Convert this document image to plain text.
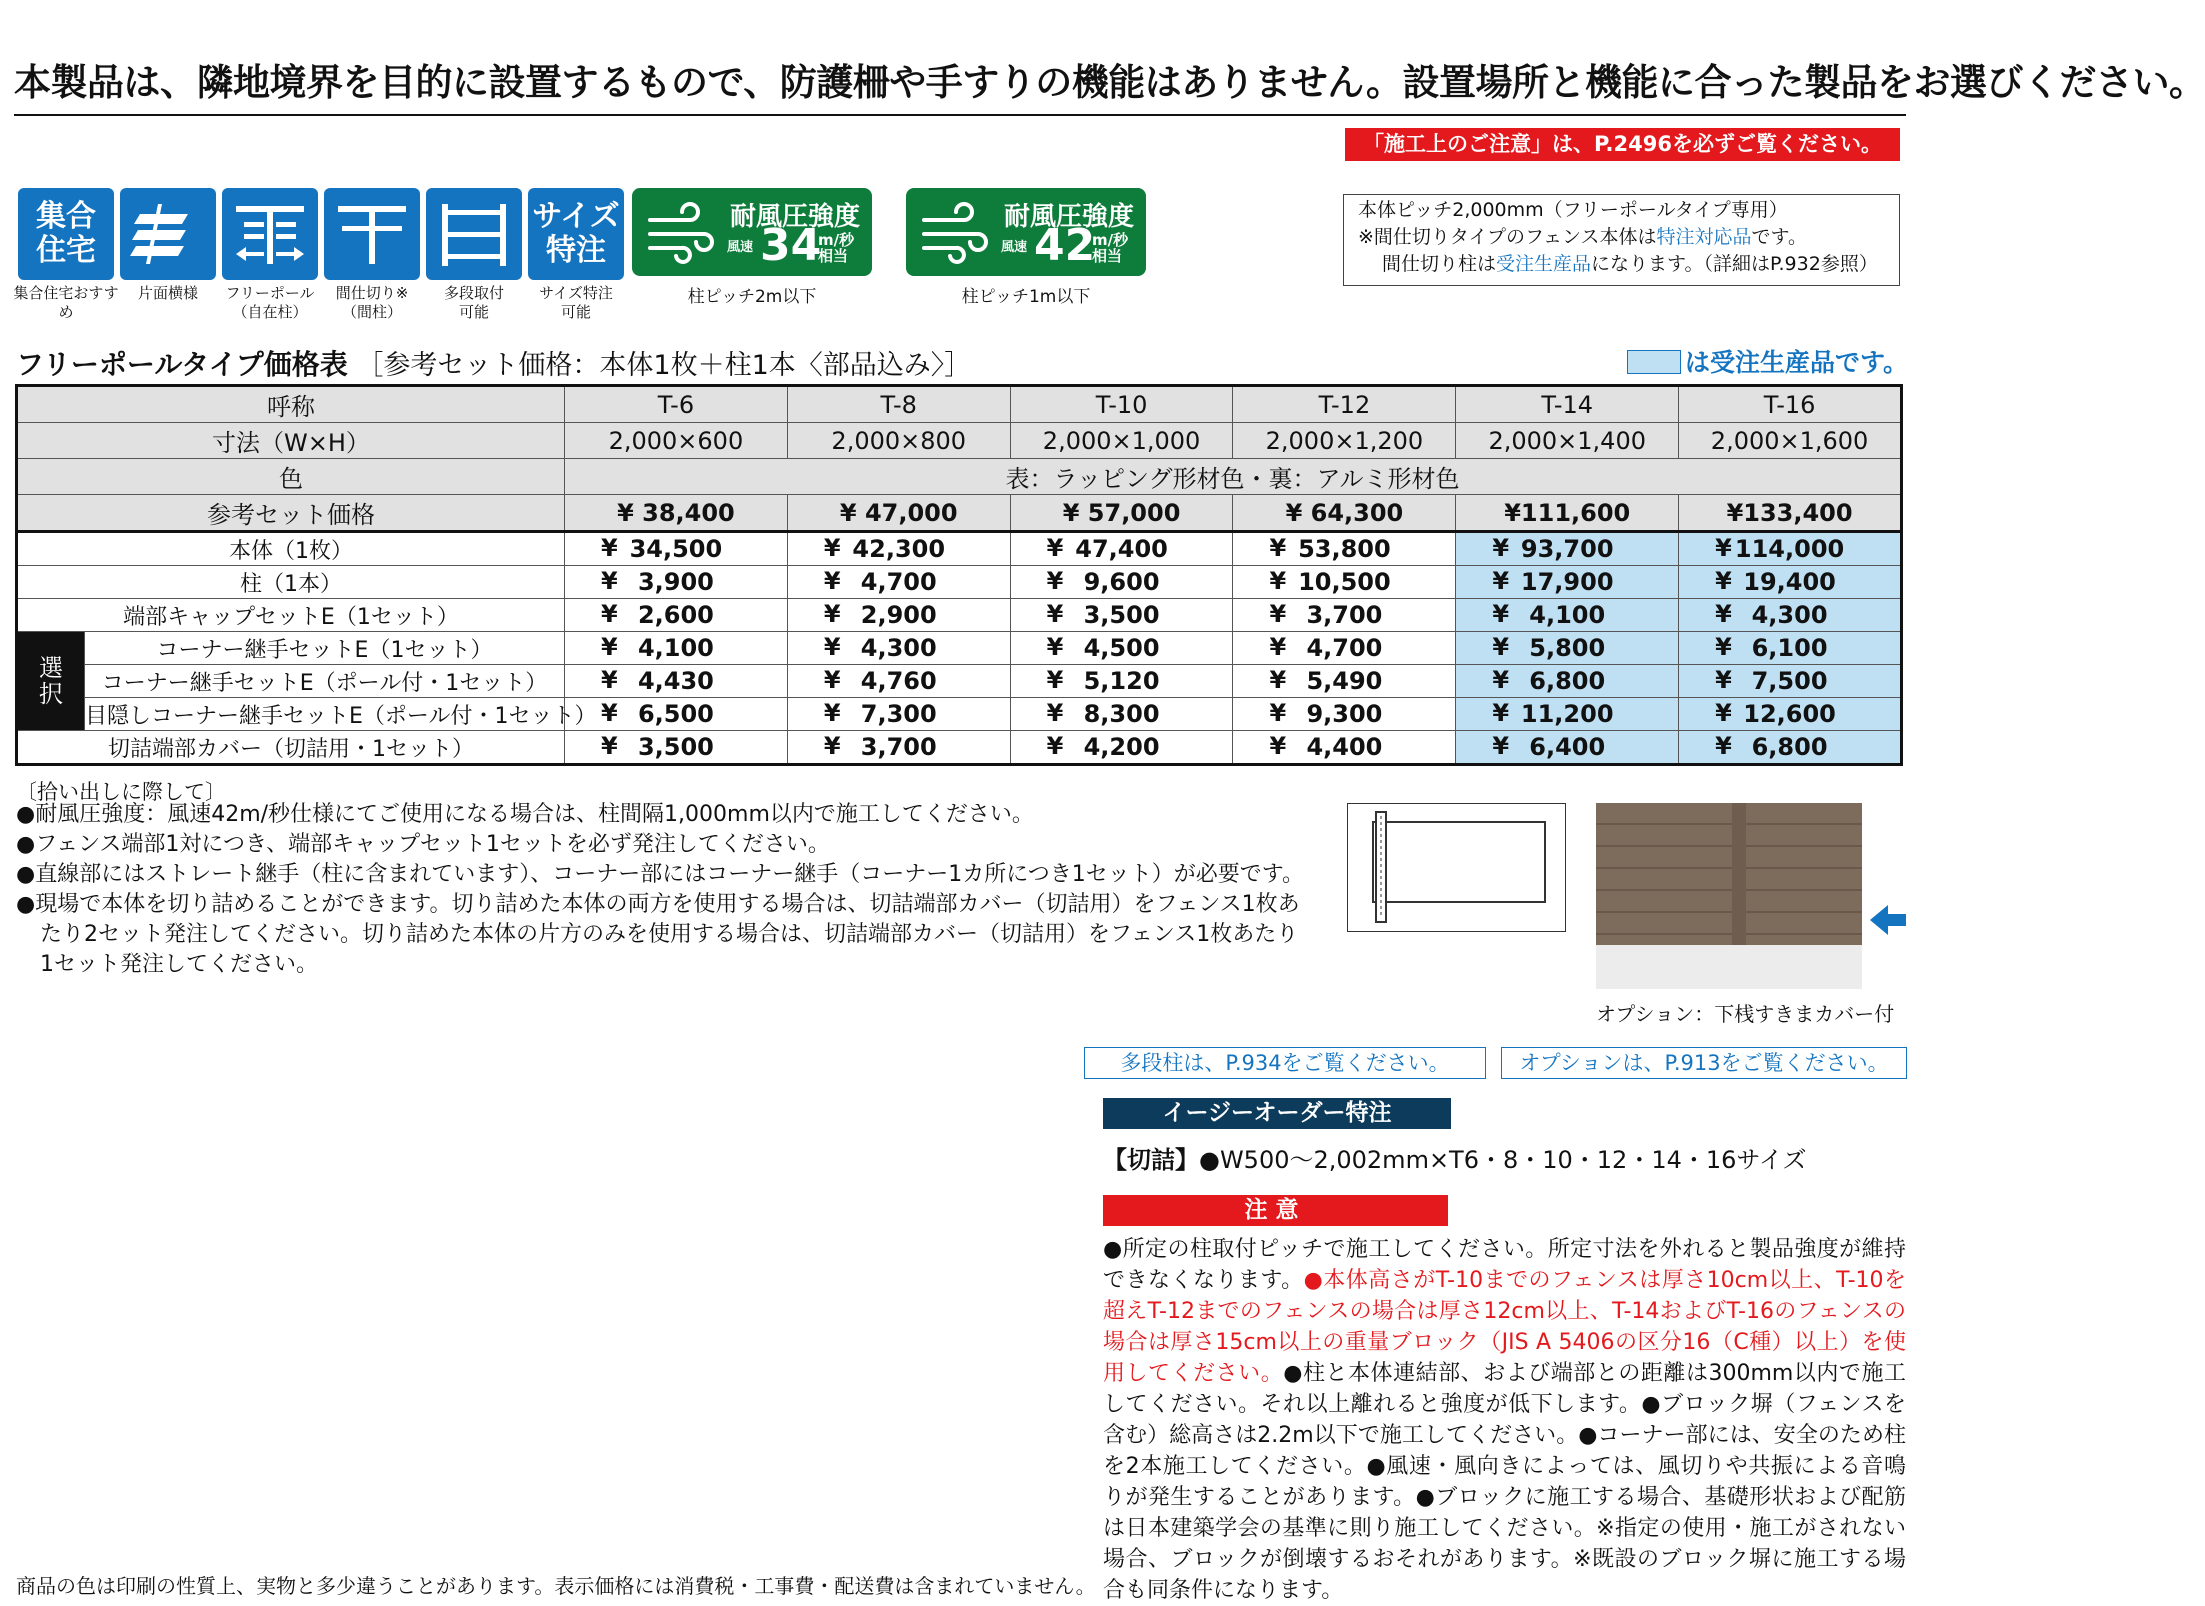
本製品は、隣地境界を目的に設置するもので、防護柵や手すりの機能はありません。設置場所と機能に合った製品をお選びください。
「施工上のご注意」は、P.2496を必ずご覧ください。
集合
住宅
集合住宅おすすめ
片面横様	フリーポール
（自在柱）
間仕切り※
（間柱）
多段取付
可能
サイズ
特注
サイズ特注
可能
耐風圧強度
風速 34
m/秒
相当
柱ピッチ2m以下
耐風圧強度
風速 42
m/秒
相当
柱ピッチ1m以下
本体ピッチ2,000mm（フリーポールタイプ専用）
※間仕切りタイプのフェンス本体は特注対応品です。
間仕切り柱は受注生産品になります。（詳細はP.932参照）
フリーポールタイプ価格表 ［参考セット価格：本体1枚＋柱1本〈部品込み〉］	は受注生産品です。
呼称		T-6	T-8	T-10	T-12	T-14	T-16
寸法（W×H）		2,000×600	2,000×800	2,000×1,000	2,000×1,200	2,000×1,400	2,000×1,600
色		表：ラッピング形材色・裏：アルミ形材色					
参考セット価格		¥ 38,400	¥ 47,000	¥ 57,000	¥ 64,300	¥111,600	¥133,400
本体（1枚）		¥ 34,500	¥ 42,300	¥ 47,400	¥ 53,800	¥ 93,700	¥ 114,000
柱（1本）		¥ 3,900	¥ 4,700	¥ 9,600	¥ 10,500	¥ 17,900	¥ 19,400
端部キャップセットE（1セット）		¥ 2,600	¥ 2,900	¥ 3,500	¥ 3,700	¥ 4,100	¥ 4,300
選
択	コーナー継手セットE（1セット）	¥ 4,100	¥ 4,300	¥ 4,500	¥ 4,700	¥ 5,800	¥ 6,100
	コーナー継手セットE（ポール付・1セット）	¥ 4,430	¥ 4,760	¥ 5,120	¥ 5,490	¥ 6,800	¥ 7,500
	目隠しコーナー継手セットE（ポール付・1セット）	¥ 6,500	¥ 7,300	¥ 8,300	¥ 9,300	¥ 11,200	¥ 12,600
切詰端部カバー（切詰用・1セット）		¥ 3,500	¥ 3,700	¥ 4,200	¥ 4,400	¥ 6,400	¥ 6,800
〔拾い出しに際して〕

●耐風圧強度：風速42m/秒仕様にてご使用になる場合は、柱間隔1,000mm以内で施工してください。

●フェンス端部1対につき、端部キャップセット1セットを必ず発注してください。

●直線部にはストレート継手（柱に含まれています）、コーナー部にはコーナー継手（コーナー1カ所につき1セット）が必要です。

●現場で本体を切り詰めることができます。切り詰めた本体の両方を使用する場合は、切詰端部カバー（切詰用）をフェンス1枚あたり2セット発注してください。切り詰めた本体の片方のみを使用する場合は、切詰端部カバー（切詰用）をフェンス1枚あたり1セット発注してください。

オプション：下桟すきまカバー付
多段柱は、P.934をご覧ください。	オプションは、P.913をご覧ください。
イージーオーダー特注
【切詰】●W500～2,002mm×T6・8・10・12・14・16サイズ
注意
●所定の柱取付ピッチで施工してください。所定寸法を外れると製品強度が維持できなくなります。●本体高さがT-10までのフェンスは厚さ10cm以上、T-10を超えT-12までのフェンスの場合は厚さ12cm以上、T-14およびT-16のフェンスの場合は厚さ15cm以上の重量ブロック（JIS A 5406の区分16（C種）以上）を使用してください。●柱と本体連結部、および端部との距離は300mm以内で施工してください。それ以上離れると強度が低下します。●ブロック塀（フェンスを含む）総高さは2.2m以下で施工してください。●コーナー部には、安全のため柱を2本施工してください。●風速・風向きによっては、風切りや共振による音鳴りが発生することがあります。●ブロックに施工する場合、基礎形状および配筋は日本建築学会の基準に則り施工してください。※指定の使用・施工がされない場合、ブロックが倒壊するおそれがあります。※既設のブロック塀に施工する場合も同条件になります。
商品の色は印刷の性質上、実物と多少違うことがあります。表示価格には消費税・工事費・配送費は含まれていません。
